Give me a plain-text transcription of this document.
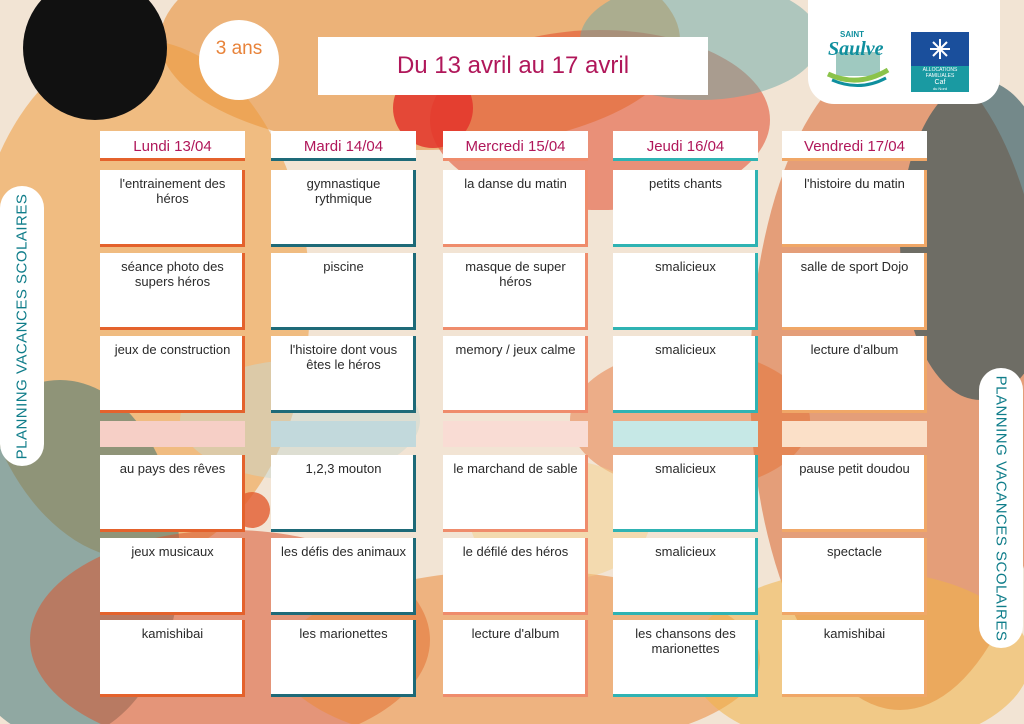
3 ans
Du 13 avril au 17 avril
SAINT
Saulve
ALLOCATIONS
FAMILIALES
Caf
du Nord
PLANNING VACANCES SCOLAIRES
PLANNING VACANCES SCOLAIRES
Lundi 13/04
l'entrainement des héros
séance photo des supers héros
jeux de construction
au pays des rêves
jeux musicaux
kamishibai
Mardi 14/04
gymnastique rythmique
piscine
l'histoire dont vous êtes le héros
1,2,3 mouton
les défis des animaux
les marionettes
Mercredi 15/04
la danse du matin
masque de super héros
memory / jeux calme
le marchand de sable
le défilé des héros
lecture d'album
Jeudi 16/04
petits chants
smalicieux
smalicieux
smalicieux
smalicieux
les chansons des marionettes
Vendredi 17/04
l'histoire du matin
salle de sport Dojo
lecture d'album
pause petit doudou
spectacle
kamishibai
